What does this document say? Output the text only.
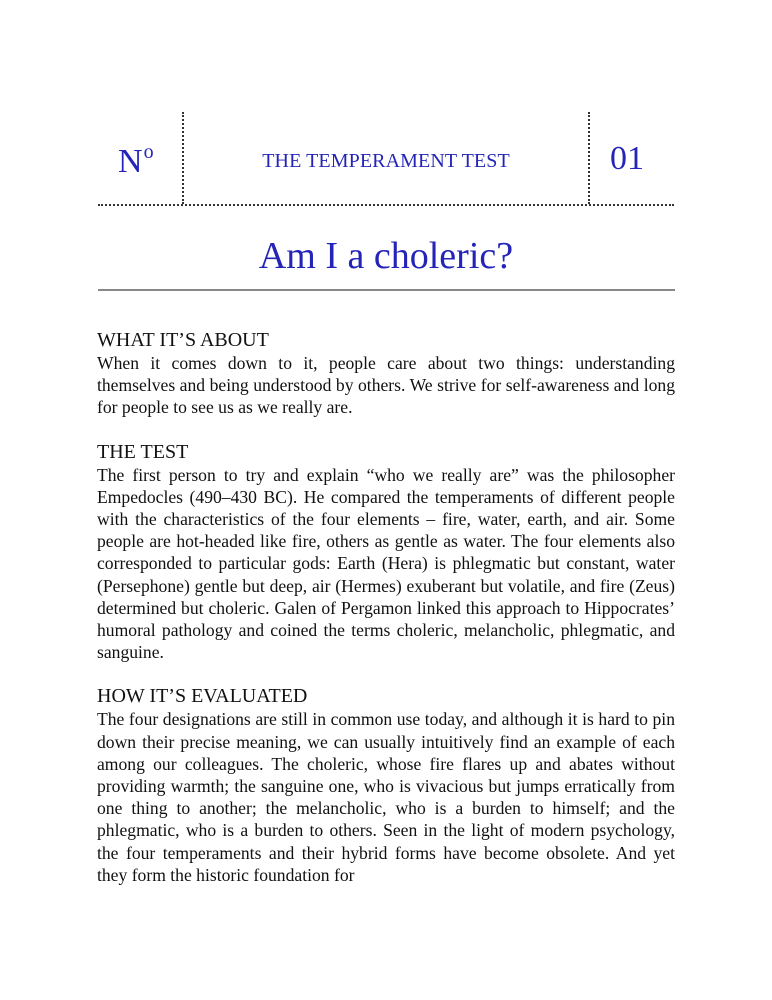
$N^o$	THE TEMPERAMENT TEST	01
Am I a choleric?
WHAT IT’S ABOUT

When it comes down to it, people care about two things: understanding themselves and being understood by others. We strive for self-awareness and long for people to see us as we really are.

THE TEST

The first person to try and explain “who we really are” was the philosopher Empedocles (490–430 BC). He compared the temperaments of different people with the characteristics of the four elements – fire, water, earth, and air. Some people are hot-headed like fire, others as gentle as water. The four elements also corresponded to particular gods: Earth (Hera) is phlegmatic but constant, water (Persephone) gentle but deep, air (Hermes) exuberant but volatile, and fire (Zeus) determined but choleric. Galen of Pergamon linked this approach to Hippocrates’ humoral pathology and coined the terms choleric, melancholic, phlegmatic, and sanguine.

HOW IT’S EVALUATED

The four designations are still in common use today, and although it is hard to pin down their precise meaning, we can usually intuitively find an example of each among our colleagues. The choleric, whose fire flares up and abates without providing warmth; the sanguine one, who is vivacious but jumps erratically from one thing to another; the melancholic, who is a burden to himself; and the phlegmatic, who is a burden to others. Seen in the light of modern psychology, the four temperaments and their hybrid forms have become obsolete. And yet they form the historic foundation for
